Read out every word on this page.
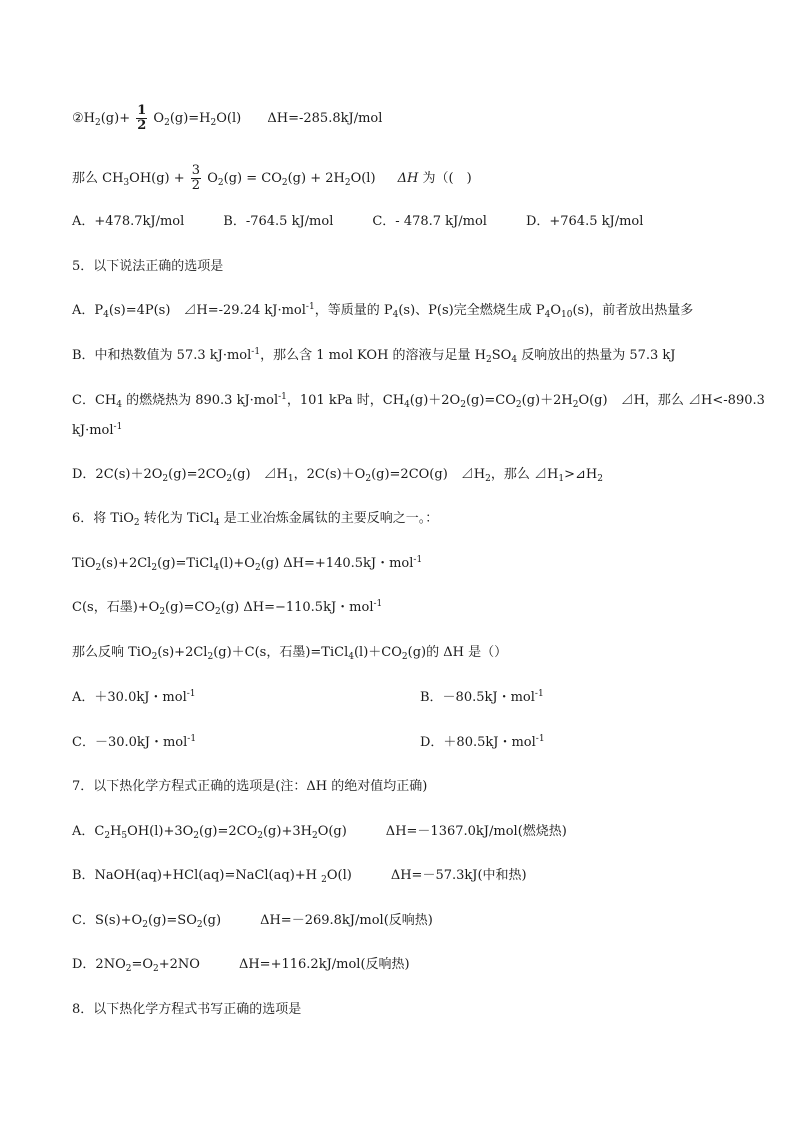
$②H_2(g)+ \frac{1}{2} O_2(g)=H_2O(l)$ ΔH=-285.8kJ/mol
那么 $CH_3OH(g) + \frac{3}{2} O_2(g) = CO_2(g) + 2H_2O(l)$ ΔH 为（(　)
A．+478.7kJ/mol　　　B．-764.5 kJ/mol　　　C．- 478.7 kJ/mol　　　D．+764.5 kJ/mol
5．以下说法正确的选项是
A．$P_4(s)=4P(s)$　⊿H=-29.24 kJ·mol$^{-1}$，等质量的 $P_4(s)$、P(s)完全燃烧生成 $P_4O_{10}(s)$，前者放出热量多
B．中和热数值为 57.3 kJ·mol$^{-1}$，那么含 1 mol KOH 的溶液与足量 $H_2SO_4$ 反响放出的热量为 57.3 kJ
C．$CH_4$ 的燃烧热为 890.3 kJ·mol$^{-1}$，101 kPa 时，$CH_4(g)+2O_2(g)=CO_2(g)+2H_2O(g)$　⊿H，那么 ⊿H<-890.3
kJ·mol$^{-1}$
D．$2C(s)+2O_2(g)=2CO_2(g)$　$⊿H_1$，$2C(s)+O_2(g)=2CO(g)$　$⊿H_2$，那么 $⊿H_1>⊿H_2$
6．将 TiO$_2$ 转化为 TiCl$_4$ 是工业冶炼金属钛的主要反响之一。：
$TiO_2(s)+2Cl_2(g)=TiCl_4(l)+O_2(g)$ ΔH=+140.5kJ・mol$^{-1}$
C(s，石墨)$+O_2(g)=CO_2(g)$ ΔH=−110.5kJ・mol$^{-1}$
那么反响 $TiO_2(s)+2Cl_2(g)+C(s$，石墨)$=TiCl_4(l)+CO_2(g)$的 ΔH 是（）
A．＋30.0kJ・mol$^{-1}$	B．－80.5kJ・mol$^{-1}$
C．－30.0kJ・mol$^{-1}$	D．＋80.5kJ・mol$^{-1}$
7．以下热化学方程式正确的选项是(注：ΔH 的绝对值均正确)
A．$C_2H_5OH(l)+3O_2(g)=2CO_2(g)+3H_2O(g)$　　　ΔH=－1367.0kJ/mol(燃烧热)
B．NaOH(aq)+HCl(aq)=NaCl(aq)+H $_2$O(l)　　　ΔH=－57.3kJ(中和热)
C．$S(s)+O_2(g)=SO_2(g)$　　　ΔH=－269.8kJ/mol(反响热)
D．$2NO_2=O_2+2NO$　　　ΔH=+116.2kJ/mol(反响热)
8．以下热化学方程式书写正确的选项是
